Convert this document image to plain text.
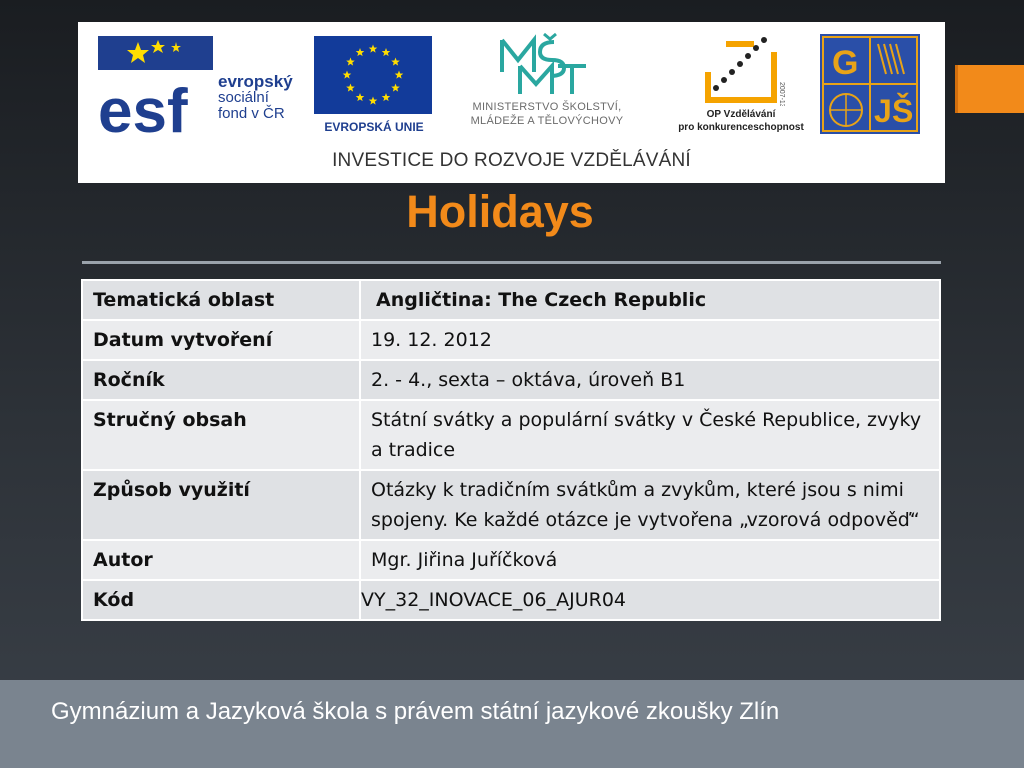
esf evropský
sociální
fond v ČR
EVROPSKÁ UNIE
MINISTERSTVO ŠKOLSTVÍ,
MLÁDEŽE A TĚLOVÝCHOVY
2007-13
OP Vzdělávání
pro konkurenceschopnost
G
J Š
INVESTICE DO ROZVOJE VZDĚLÁVÁNÍ
Holidays
Tematická oblast	Angličtina: The Czech Republic
Datum vytvoření	19. 12. 2012
Ročník	2. - 4., sexta – oktáva, úroveň B1
Stručný obsah	Státní svátky a populární svátky v České Republice, zvyky a tradice
Způsob využití	Otázky k tradičním svátkům a zvykům, které jsou s nimi spojeny. Ke každé otázce je vytvořena „vzorová odpověď“
Autor	Mgr. Jiřina Juříčková
Kód	VY_32_INOVACE_06_AJUR04
Gymnázium a Jazyková škola s právem státní jazykové zkoušky Zlín
